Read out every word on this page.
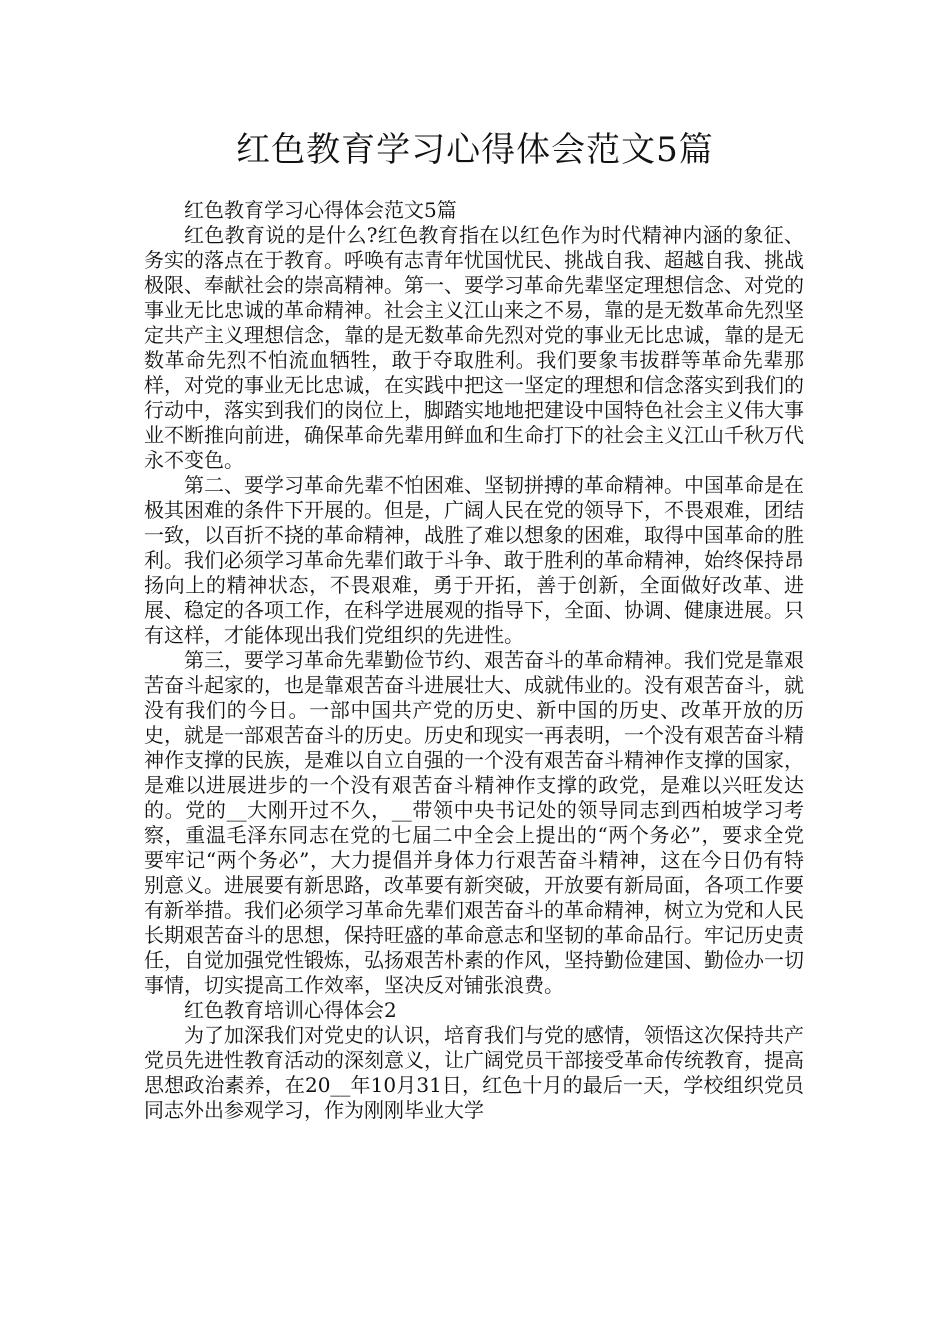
红色教育学习心得体会范文5篇

红色教育学习心得体会范文5篇

红色教育说的是什么?红色教育指在以红色作为时代精神内涵的象征、务实的落点在于教育。呼唤有志青年忧国忧民、挑战自我、超越自我、挑战极限、奉献社会的崇高精神。第一、要学习革命先辈坚定理想信念、对党的事业无比忠诚的革命精神。社会主义江山来之不易，靠的是无数革命先烈坚定共产主义理想信念，靠的是无数革命先烈对党的事业无比忠诚，靠的是无数革命先烈不怕流血牺牲，敢于夺取胜利。我们要象韦拔群等革命先辈那样，对党的事业无比忠诚，在实践中把这一坚定的理想和信念落实到我们的行动中，落实到我们的岗位上，脚踏实地地把建设中国特色社会主义伟大事业不断推向前进，确保革命先辈用鲜血和生命打下的社会主义江山千秋万代永不变色。

第二、要学习革命先辈不怕困难、坚韧拼搏的革命精神。中国革命是在极其困难的条件下开展的。但是，广阔人民在党的领导下，不畏艰难，团结一致，以百折不挠的革命精神，战胜了难以想象的困难，取得中国革命的胜利。我们必须学习革命先辈们敢于斗争、敢于胜利的革命精神，始终保持昂扬向上的精神状态，不畏艰难，勇于开拓，善于创新，全面做好改革、进展、稳定的各项工作，在科学进展观的指导下，全面、协调、健康进展。只有这样，才能体现出我们党组织的先进性。

第三，要学习革命先辈勤俭节约、艰苦奋斗的革命精神。我们党是靠艰苦奋斗起家的，也是靠艰苦奋斗进展壮大、成就伟业的。没有艰苦奋斗，就没有我们的今日。一部中国共产党的历史、新中国的历史、改革开放的历史，就是一部艰苦奋斗的历史。历史和现实一再表明，一个没有艰苦奋斗精神作支撑的民族，是难以自立自强的一个没有艰苦奋斗精神作支撑的国家，是难以进展进步的一个没有艰苦奋斗精神作支撑的政党，是难以兴旺发达的。党的__大刚开过不久，__带领中央书记处的领导同志到西柏坡学习考察，重温毛泽东同志在党的七届二中全会上提出的“两个务必”，要求全党要牢记“两个务必”，大力提倡并身体力行艰苦奋斗精神，这在今日仍有特别意义。进展要有新思路，改革要有新突破，开放要有新局面，各项工作要有新举措。我们必须学习革命先辈们艰苦奋斗的革命精神，树立为党和人民长期艰苦奋斗的思想，保持旺盛的革命意志和坚韧的革命品行。牢记历史责任，自觉加强党性锻炼，弘扬艰苦朴素的作风，坚持勤俭建国、勤俭办一切事情，切实提高工作效率，坚决反对铺张浪费。

红色教育培训心得体会2

为了加深我们对党史的认识，培育我们与党的感情，领悟这次保持共产党员先进性教育活动的深刻意义，让广阔党员干部接受革命传统教育，提高思想政治素养，在20__年10月31日，红色十月的最后一天，学校组织党员同志外出参观学习，作为刚刚毕业大学
